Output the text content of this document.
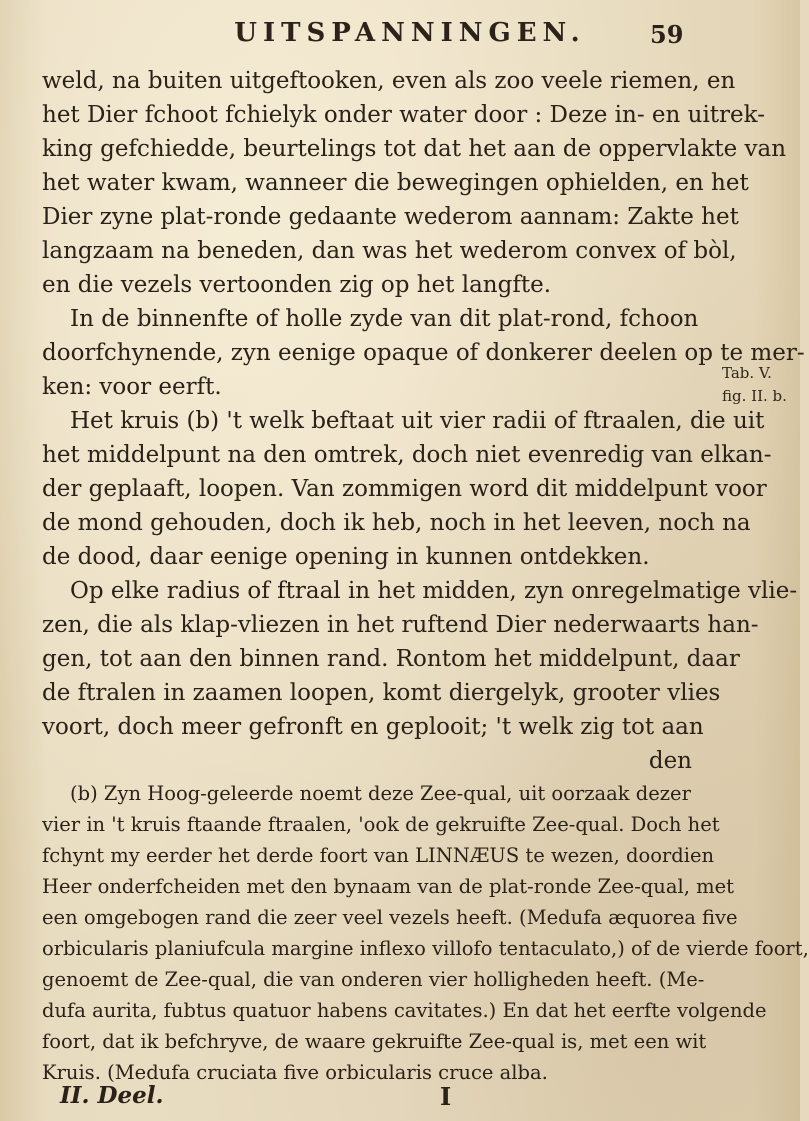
UITSPANNINGEN.	59
Tab. V.
fig. II. b.
weld, na buiten uitgeftooken, even als zoo veele riemen, en
het Dier fchoot fchielyk onder water door : Deze in- en uitrek-
king gefchiedde, beurtelings tot dat het aan de oppervlakte van
het water kwam, wanneer die bewegingen ophielden, en het
Dier zyne plat-ronde gedaante wederom aannam: Zakte het
langzaam na beneden, dan was het wederom convex of bòl,
en die vezels vertoonden zig op het langfte.
In de binnenfte of holle zyde van dit plat-rond, fchoon
doorfchynende, zyn eenige opaque of donkerer deelen op te mer-
ken: voor eerft.
Het kruis (b) 't welk beftaat uit vier radii of ftraalen, die uit
het middelpunt na den omtrek, doch niet evenredig van elkan-
der geplaaft, loopen. Van zommigen word dit middelpunt voor
de mond gehouden, doch ik heb, noch in het leeven, noch na
de dood, daar eenige opening in kunnen ontdekken.
Op elke radius of ftraal in het midden, zyn onregelmatige vlie-
zen, die als klap-vliezen in het ruftend Dier nederwaarts han-
gen, tot aan den binnen rand. Rontom het middelpunt, daar
de ftralen in zaamen loopen, komt diergelyk, grooter vlies
voort, doch meer gefronft en geplooit; 't welk zig tot aan
den
(b) Zyn Hoog-geleerde noemt deze Zee-qual, uit oorzaak dezer
vier in 't kruis ftaande ftraalen, 'ook de gekruifte Zee-qual. Doch het
fchynt my eerder het derde foort van LINNÆUS te wezen, doordien
Heer onderfcheiden met den bynaam van de plat-ronde Zee-qual, met
een omgebogen rand die zeer veel vezels heeft. (Medufa æquorea five
orbicularis planiufcula margine inflexo villofo tentaculato,) of de vierde foort,
genoemt de Zee-qual, die van onderen vier holligheden heeft. (Me-
dufa aurita, fubtus quatuor habens cavitates.) En dat het eerfte volgende
foort, dat ik befchryve, de waare gekruifte Zee-qual is, met een wit
Kruis. (Medufa cruciata five orbicularis cruce alba.
II. Deel.	I
